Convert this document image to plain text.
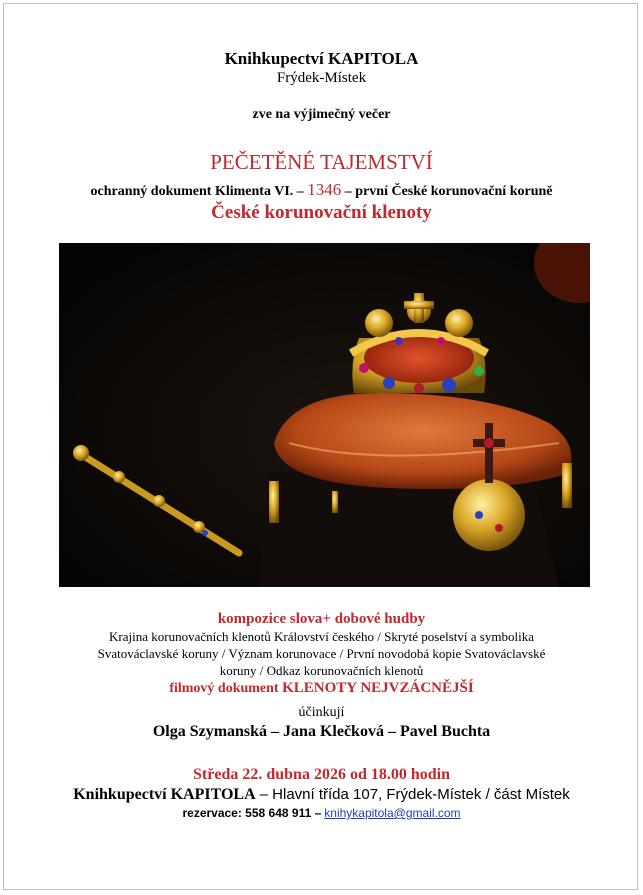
Knihkupectví KAPITOLA
Frýdek-Místek
zve na výjimečný večer
PEČETĚNÉ TAJEMSTVÍ
ochranný dokument Klimenta VI. – 1346 – první České korunovační koruně
České korunovační klenoty
kompozice slova+ dobové hudby
Krajina korunovačních klenotů Království českého / Skryté poselství a symbolika
Svatováclavské koruny / Význam korunovace / První novodobá kopie Svatováclavské
koruny / Odkaz korunovačních klenotů
filmový dokument KLENOTY NEJVZÁCNĚJŠÍ
účinkují
Olga Szymanská – Jana Klečková – Pavel Buchta
Středa 22. dubna 2026 od 18.00 hodin
Knihkupectví KAPITOLA – Hlavní třída 107, Frýdek-Místek / část Místek
rezervace: 558 648 911 – knihykapitola@gmail.com
